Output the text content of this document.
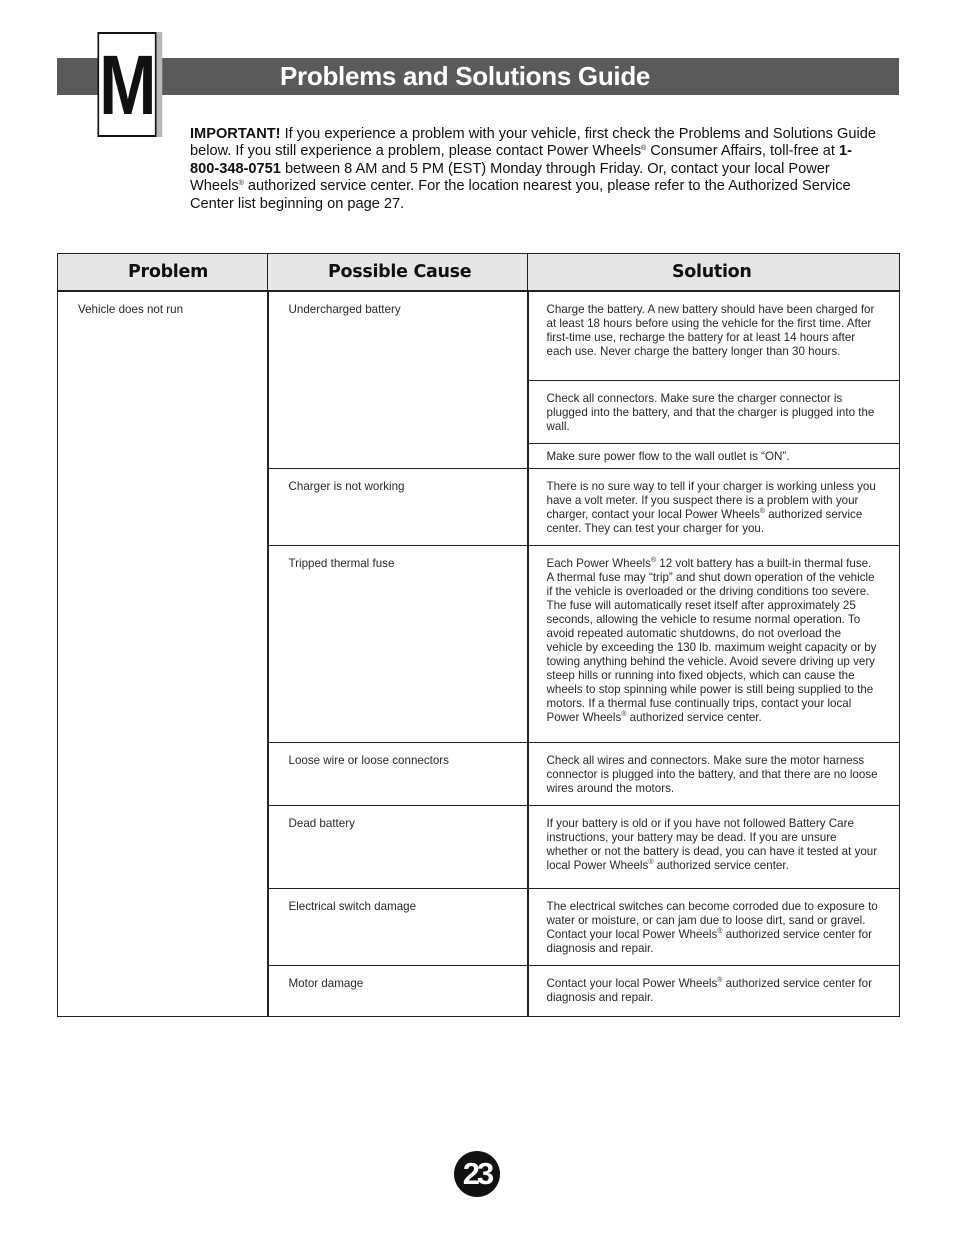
M	Problems and Solutions Guide

IMPORTANT! If you experience a problem with your vehicle, first check the Problems and Solutions Guide below. If you still experience a problem, please contact Power Wheels® Consumer Affairs, toll-free at 1-800-348-0751 between 8 AM and 5 PM (EST) Monday through Friday. Or, contact your local Power Wheels® authorized service center. For the location nearest you, please refer to the Authorized Service Center list beginning on page 27.

Problem	Possible Cause	Solution
Vehicle does not run	Undercharged battery	Charge the battery. A new battery should have been charged for at least 18 hours before using the vehicle for the first time. After first-time use, recharge the battery for at least 14 hours after each use. Never charge the battery longer than 30 hours.
		Check all connectors. Make sure the charger connector is plugged into the battery, and that the charger is plugged into the wall.
		Make sure power flow to the wall outlet is “ON”.
	Charger is not working	There is no sure way to tell if your charger is working unless you have a volt meter. If you suspect there is a problem with your charger, contact your local Power Wheels® authorized service center. They can test your charger for you.
	Tripped thermal fuse	Each Power Wheels® 12 volt battery has a built-in thermal fuse. A thermal fuse may “trip” and shut down operation of the vehicle if the vehicle is overloaded or the driving conditions too severe. The fuse will automatically reset itself after approximately 25 seconds, allowing the vehicle to resume normal operation. To avoid repeated automatic shutdowns, do not overload the vehicle by exceeding the 130 lb. maximum weight capacity or by towing anything behind the vehicle. Avoid severe driving up very steep hills or running into fixed objects, which can cause the wheels to stop spinning while power is still being supplied to the motors. If a thermal fuse continually trips, contact your local Power Wheels® authorized service center.
	Loose wire or loose connectors	Check all wires and connectors. Make sure the motor harness connector is plugged into the battery, and that there are no loose wires around the motors.
	Dead battery	If your battery is old or if you have not followed Battery Care instructions, your battery may be dead. If you are unsure whether or not the battery is dead, you can have it tested at your local Power Wheels® authorized service center.
	Electrical switch damage	The electrical switches can become corroded due to exposure to water or moisture, or can jam due to loose dirt, sand or gravel. Contact your local Power Wheels® authorized service center for diagnosis and repair.
	Motor damage	Contact your local Power Wheels® authorized service center for diagnosis and repair.
23
